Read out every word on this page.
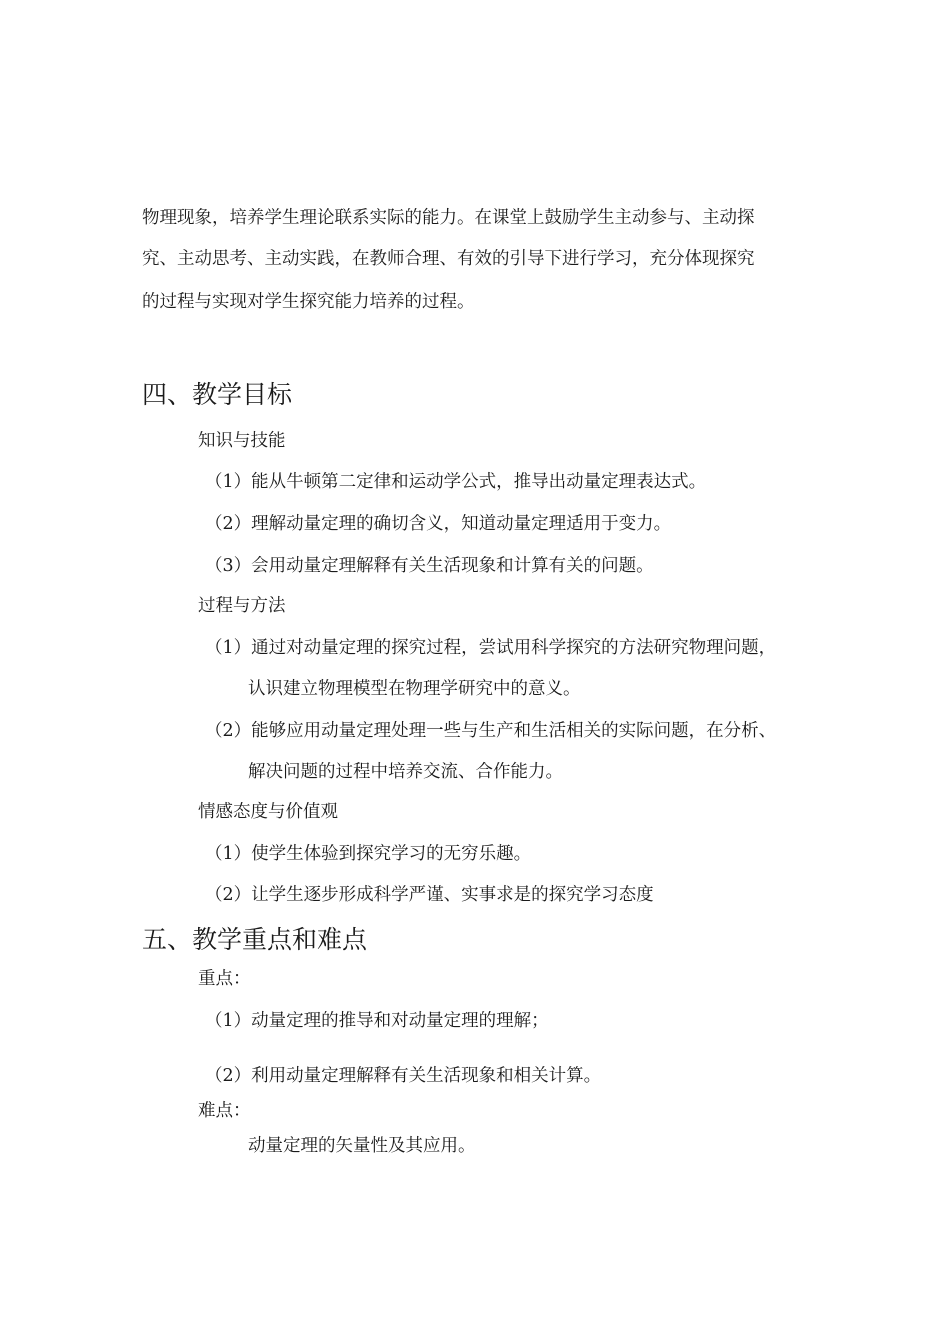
物理现象，培养学生理论联系实际的能力。在课堂上鼓励学生主动参与、主动探
究、主动思考、主动实践，在教师合理、有效的引导下进行学习，充分体现探究
的过程与实现对学生探究能力培养的过程。
四、教学目标
知识与技能
（1）能从牛顿第二定律和运动学公式，推导出动量定理表达式。
（2）理解动量定理的确切含义，知道动量定理适用于变力。
（3）会用动量定理解释有关生活现象和计算有关的问题。
过程与方法
（1）通过对动量定理的探究过程，尝试用科学探究的方法研究物理问题，
认识建立物理模型在物理学研究中的意义。
（2）能够应用动量定理处理一些与生产和生活相关的实际问题，在分析、
解决问题的过程中培养交流、合作能力。
情感态度与价值观
（1）使学生体验到探究学习的无穷乐趣。
（2）让学生逐步形成科学严谨、实事求是的探究学习态度
五、教学重点和难点
重点：
（1）动量定理的推导和对动量定理的理解；
（2）利用动量定理解释有关生活现象和相关计算。
难点：
动量定理的矢量性及其应用。
